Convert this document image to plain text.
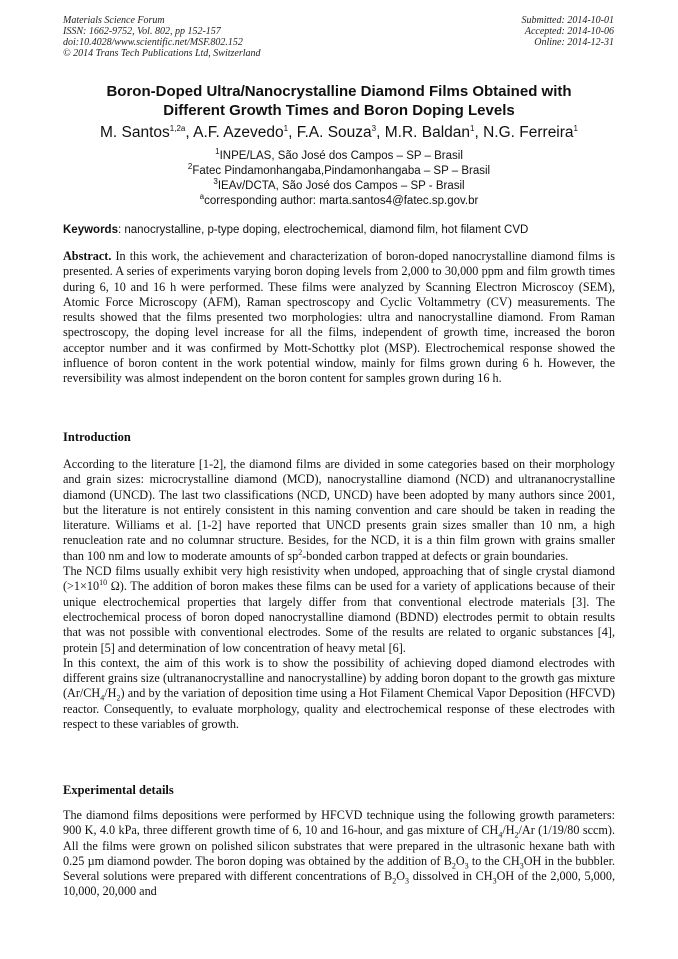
Materials Science Forum
ISSN: 1662-9752, Vol. 802, pp 152-157
doi:10.4028/www.scientific.net/MSF.802.152
© 2014 Trans Tech Publications Ltd, Switzerland
Submitted: 2014-10-01
Accepted: 2014-10-06
Online: 2014-12-31
Boron-Doped Ultra/Nanocrystalline Diamond Films Obtained with
Different Growth Times and Boron Doping Levels
M. Santos$^{1,2a}$, A.F. Azevedo$^1$, F.A. Souza$^3$, M.R. Baldan$^1$, N.G. Ferreira$^1$
$^1$INPE/LAS, São José dos Campos – SP – Brasil
$^2$Fatec Pindamonhangaba,Pindamonhangaba – SP – Brasil
$^3$IEAv/DCTA, São José dos Campos – SP - Brasil
$^a$corresponding author: marta.santos4@fatec.sp.gov.br
Keywords: nanocrystalline, p-type doping, electrochemical, diamond film, hot filament CVD
Abstract. In this work, the achievement and characterization of boron-doped nanocrystalline diamond films is presented. A series of experiments varying boron doping levels from 2,000 to 30,000 ppm and film growth times during 6, 10 and 16 h were performed. These films were analyzed by Scanning Electron Microscoy (SEM), Atomic Force Microscopy (AFM), Raman spectroscopy and Cyclic Voltammetry (CV) measurements. The results showed that the films presented two morphologies: ultra and nanocrystalline diamond. From Raman spectroscopy, the doping level increase for all the films, independent of growth time, increased the boron acceptor number and it was confirmed by Mott-Schottky plot (MSP). Electrochemical response showed the influence of boron content in the work potential window, mainly for films grown during 6 h. However, the reversibility was almost independent on the boron content for samples grown during 16 h.
Introduction
According to the literature [1-2], the diamond films are divided in some categories based on their morphology and grain sizes: microcrystalline diamond (MCD), nanocrystalline diamond (NCD) and ultrananocrystalline diamond (UNCD). The last two classifications (NCD, UNCD) have been adopted by many authors since 2001, but the literature is not entirely consistent in this naming convention and care should be taken in reading the literature. Williams et al. [1-2] have reported that UNCD presents grain sizes smaller than 10 nm, a high renucleation rate and no columnar structure. Besides, for the NCD, it is a thin film grown with grains smaller than 100 nm and low to moderate amounts of $sp^2$-bonded carbon trapped at defects or grain boundaries.
The NCD films usually exhibit very high resistivity when undoped, approaching that of single crystal diamond ($>1\times 10^{10}$ Ω). The addition of boron makes these films can be used for a variety of applications because of their unique electrochemical properties that largely differ from that conventional electrode materials [3]. The electrochemical process of boron doped nanocrystalline diamond (BDND) electrodes permit to obtain results that was not possible with conventional electrodes. Some of the results are related to organic substances [4], protein [5] and determination of low concentration of heavy metal [6].
In this context, the aim of this work is to show the possibility of achieving doped diamond electrodes with different grains size (ultrananocrystalline and nanocrystalline) by adding boron dopant to the growth gas mixture $(Ar/CH_4/H_2)$ and by the variation of deposition time using a Hot Filament Chemical Vapor Deposition (HFCVD) reactor. Consequently, to evaluate morphology, quality and electrochemical response of these electrodes with respect to these variables of growth.
Experimental details
The diamond films depositions were performed by HFCVD technique using the following growth parameters: 900 K, 4.0 kPa, three different growth time of 6, 10 and 16-hour, and gas mixture of $CH_4/H_2/Ar$ (1/19/80 sccm). All the films were grown on polished silicon substrates that were prepared in the ultrasonic hexane bath with 0.25 µm diamond powder. The boron doping was obtained by the addition of $B_2O_3$ to the $CH_3OH$ in the bubbler. Several solutions were prepared with different concentrations of $B_2O_3$ dissolved in $CH_3OH$ of the 2,000, 5,000, 10,000, 20,000 and
